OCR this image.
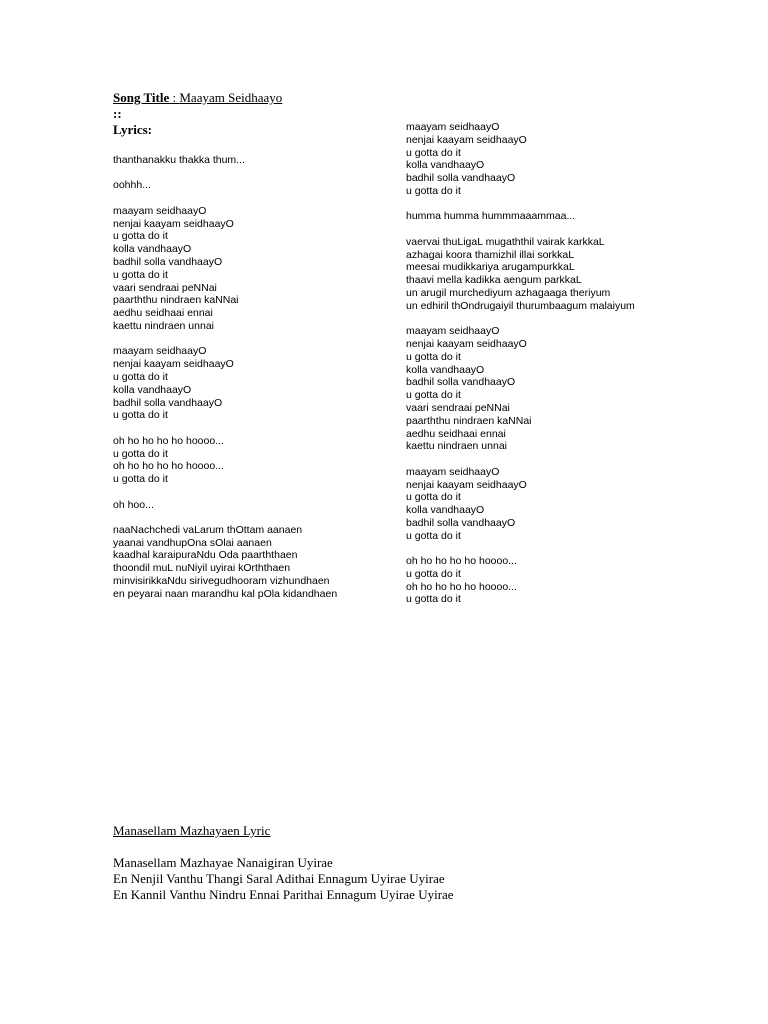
Song Title : Maayam Seidhaayo
::
Lyrics:
thanthanakku thakka thum...
oohhh...
maayam seidhaayO
nenjai kaayam seidhaayO
u gotta do it
kolla vandhaayO
badhil solla vandhaayO
u gotta do it
vaari sendraai peNNai
paarththu nindraen kaNNai
aedhu seidhaai ennai
kaettu nindraen unnai
maayam seidhaayO
nenjai kaayam seidhaayO
u gotta do it
kolla vandhaayO
badhil solla vandhaayO
u gotta do it
oh ho ho ho ho hoooo...
u gotta do it
oh ho ho ho ho hoooo...
u gotta do it
oh hoo...
naaNachchedi vaLarum thOttam aanaen
yaanai vandhupOna sOlai aanaen
kaadhal karaipuraNdu Oda paarththaen
thoondil muL nuNiyil uyirai kOrththaen
minvisirikkaNdu sirivegudhooram vizhundhaen
en peyarai naan marandhu kal pOla kidandhaen
maayam seidhaayO
nenjai kaayam seidhaayO
u gotta do it
kolla vandhaayO
badhil solla vandhaayO
u gotta do it
humma humma hummmaaammaa...
vaervai thuLigaL mugaththil vairak karkkaL
azhagai koora thamizhil illai sorkkaL
meesai mudikkariya arugampurkkaL
thaavi mella kadikka aengum parkkaL
un arugil murchediyum azhagaaga theriyum
un edhiril thOndrugaiyil thurumbaagum malaiyum
maayam seidhaayO
nenjai kaayam seidhaayO
u gotta do it
kolla vandhaayO
badhil solla vandhaayO
u gotta do it
vaari sendraai peNNai
paarththu nindraen kaNNai
aedhu seidhaai ennai
kaettu nindraen unnai
maayam seidhaayO
nenjai kaayam seidhaayO
u gotta do it
kolla vandhaayO
badhil solla vandhaayO
u gotta do it
oh ho ho ho ho hoooo...
u gotta do it
oh ho ho ho ho hoooo...
u gotta do it
Manasellam Mazhayaen Lyric
Manasellam Mazhayae Nanaigiran Uyirae
En Nenjil Vanthu Thangi Saral Adithai Ennagum Uyirae Uyirae
En Kannil Vanthu Nindru Ennai Parithai Ennagum Uyirae Uyirae
